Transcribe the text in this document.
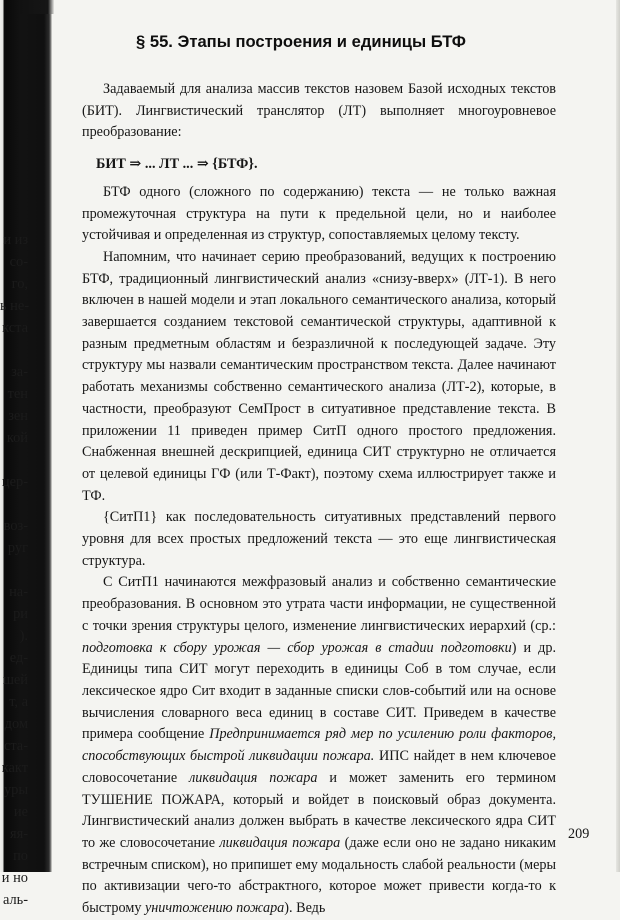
и из
со-
го,
ь не-
кста
за-
тен
зен
кой
цер-
воз-
руг
на-
ри
).
ед-
шей
т, а
дом
ста-
какт
уры
ие
яя-
по
и но
аль-
§ 55. Этапы построения и единицы БТФ

Задаваемый для анализа массив текстов назовем Базой исходных текстов (БИТ). Лингвистический транслятор (ЛТ) выполняет многоуровневое преобразование:

БИТ ⇒ ... ЛТ ... ⇒ {БТФ}.

БТФ одного (сложного по содержанию) текста — не только важная промежуточная структура на пути к предельной цели, но и наиболее устойчивая и определенная из структур, сопоставляемых целому тексту.

Напомним, что начинает серию преобразований, ведущих к построению БТФ, традиционный лингвистический анализ «снизу-вверх» (ЛТ-1). В него включен в нашей модели и этап локального семантического анализа, который завершается созданием текстовой семантической структуры, адаптивной к разным предметным областям и безразличной к последующей задаче. Эту структуру мы назвали семантическим пространством текста. Далее начинают работать механизмы собственно семантического анализа (ЛТ-2), которые, в частности, преобразуют СемПрост в ситуативное представление текста. В приложении 11 приведен пример СитП одного простого предложения. Снабженная внешней дескрипцией, единица СИТ структурно не отличается от целевой единицы ГФ (или Т-Факт), поэтому схема иллюстрирует также и ТФ.

{СитП1} как последовательность ситуативных представлений первого уровня для всех простых предложений текста — это еще лингвистическая структура.

С СитП1 начинаются межфразовый анализ и собственно семантические преобразования. В основном это утрата части информации, не существенной с точки зрения структуры целого, изменение лингвистических иерархий (ср.: подготовка к сбору урожая — сбор урожая в стадии подготовки) и др. Единицы типа СИТ могут переходить в единицы Соб в том случае, если лексическое ядро Сит входит в заданные списки слов-событий или на основе вычисления словарного веса единиц в составе СИТ. Приведем в качестве примера сообщение Предпринимается ряд мер по усилению роли факторов, способствующих быстрой ликвидации пожара. ИПС найдет в нем ключевое словосочетание ликвидация пожара и может заменить его термином ТУШЕНИЕ ПОЖАРА, который и войдет в поисковый образ документа. Лингвистический анализ должен выбрать в качестве лексического ядра СИТ то же словосочетание ликвидация пожара (даже если оно не задано никаким встречным списком), но припишет ему модальность слабой реальности (меры по активизации чего-то абстрактного, которое может привести когда-то к быстрому уничтожению пожара). Ведь

209
